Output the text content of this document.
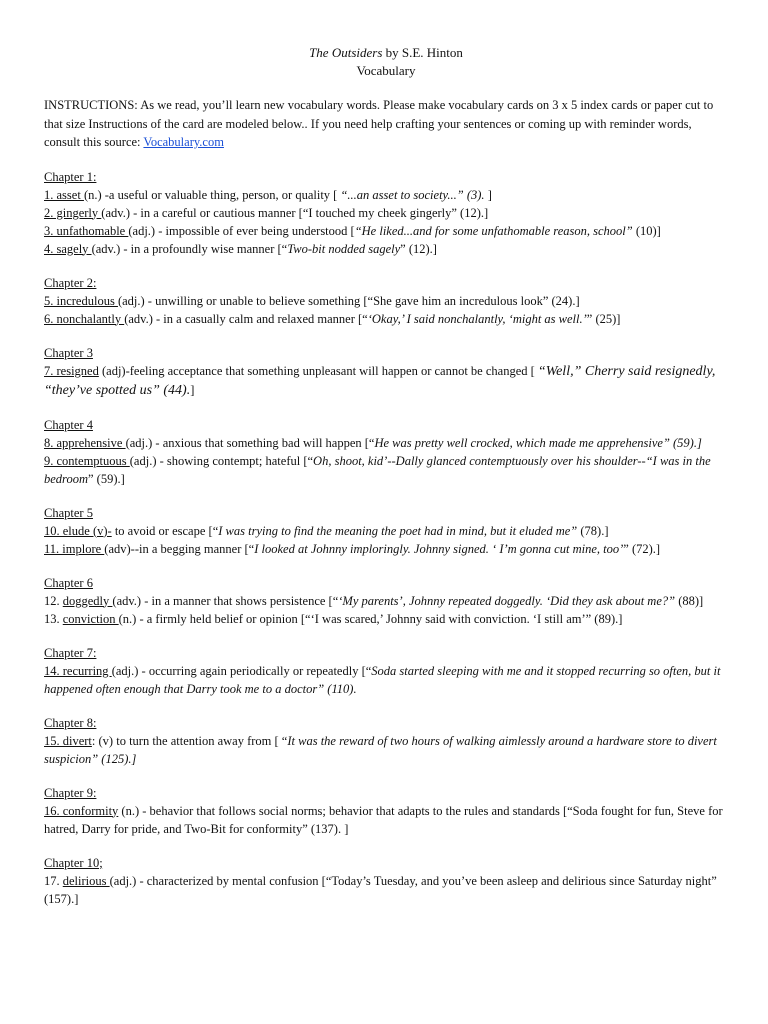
The Outsiders by S.E. Hinton
Vocabulary
INSTRUCTIONS: As we read, you’ll learn new vocabulary words. Please make vocabulary cards on 3 x 5 index cards or paper cut to that size Instructions of the card are modeled below.. If you need help crafting your sentences or coming up with reminder words, consult this source: Vocabulary.com
Chapter 1:
1. asset (n.) -a useful or valuable thing, person, or quality [ “...an asset to society...” (3). ]
2. gingerly (adv.) - in a careful or cautious manner [“I touched my cheek gingerly” (12).]
3. unfathomable (adj.) - impossible of ever being understood [“He liked...and for some unfathomable reason, school” (10)]
4. sagely (adv.) - in a profoundly wise manner [“Two-bit nodded sagely” (12).]
Chapter 2:
5. incredulous (adj.) - unwilling or unable to believe something [“She gave him an incredulous look” (24).]
6. nonchalantly (adv.) - in a casually calm and relaxed manner [“‘Okay,’ I said nonchalantly, ‘might as well.’” (25)]
Chapter 3
7. resigned (adj)-feeling acceptance that something unpleasant will happen or cannot be changed [ “Well,” Cherry said resignedly, “they’ve spotted us” (44).]
Chapter 4
8. apprehensive (adj.) - anxious that something bad will happen [“He was pretty well crocked, which made me apprehensive” (59).]
9. contemptuous (adj.) - showing contempt; hateful [“Oh, shoot, kid’--Dally glanced contemptuously over his shoulder--“I was in the bedroom” (59).]
Chapter 5
10. elude (v)- to avoid or escape [“I was trying to find the meaning the poet had in mind, but it eluded me” (78).]
11. implore (adv)--in a begging manner [“I looked at Johnny imploringly. Johnny signed. ‘ I’m gonna cut mine, too’” (72).]
Chapter 6
12. doggedly (adv.) - in a manner that shows persistence [“‘My parents’, Johnny repeated doggedly. ‘Did they ask about me?” (88)]
13. conviction (n.) - a firmly held belief or opinion [“‘I was scared,’ Johnny said with conviction. ‘I still am’” (89).]
Chapter 7:
14. recurring (adj.) - occurring again periodically or repeatedly [“Soda started sleeping with me and it stopped recurring so often, but it happened often enough that Darry took me to a doctor” (110).
Chapter 8:
15. divert: (v) to turn the attention away from [ “It was the reward of two hours of walking aimlessly around a hardware store to divert suspicion” (125).]
Chapter 9:
16. conformity (n.) - behavior that follows social norms; behavior that adapts to the rules and standards [“Soda fought for fun, Steve for hatred, Darry for pride, and Two-Bit for conformity” (137). ]
Chapter 10;
17. delirious (adj.) - characterized by mental confusion [“Today’s Tuesday, and you’ve been asleep and delirious since Saturday night” (157).]
